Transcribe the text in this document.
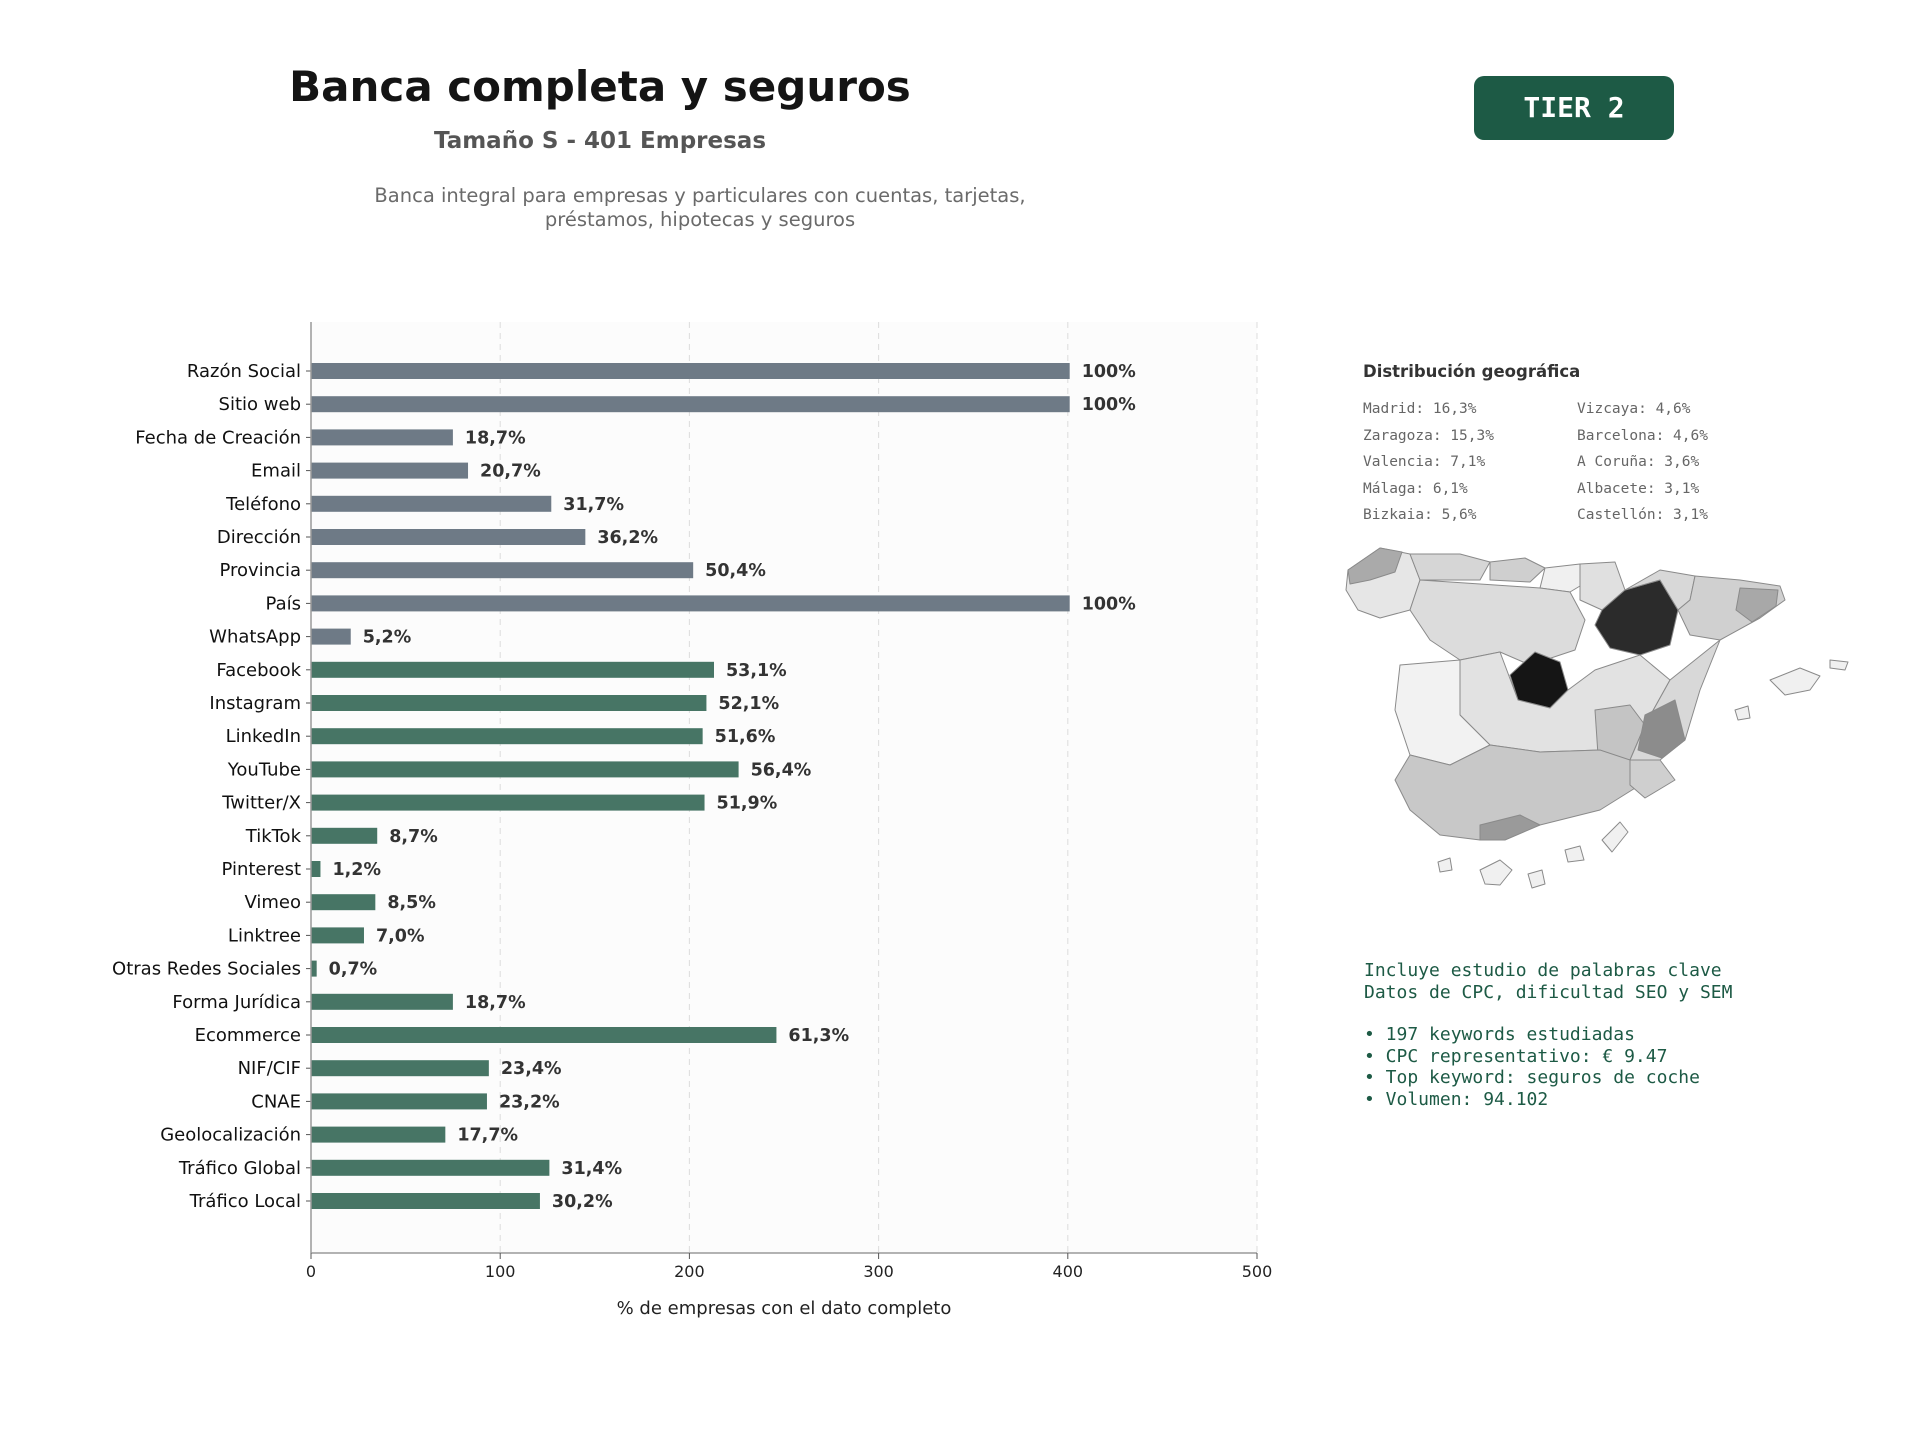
Banca completa y seguros
Tamaño S - 401 Empresas
Banca integral para empresas y particulares con cuentas, tarjetas,
préstamos, hipotecas y seguros
TIER 2
Razón Social	100%
Sitio web	100%
Fecha de Creación	18,7%
Email	20,7%
Teléfono	31,7%
Dirección	36,2%
Provincia	50,4%
País	100%
WhatsApp	5,2%
Facebook	53,1%
Instagram	52,1%
LinkedIn	51,6%
YouTube	56,4%
Twitter/X	51,9%
TikTok	8,7%
Pinterest 1,2%
Vimeo	8,5%
Linktree	7,0%
Otras Redes Sociales 0,7%
Forma Jurídica	18,7%
Ecommerce	61,3%
NIF/CIF	23,4%
CNAE	23,2%
Geolocalización	17,7%
Tráfico Global	31,4%
Tráfico Local	30,2%
0	100	200	300	400	500
% de empresas con el dato completo
Distribución geográfica
Madrid: 16,3%	Vizcaya: 4,6%
Zaragoza: 15,3%	Barcelona: 4,6%
Valencia: 7,1%	A Coruña: 3,6%
Málaga: 6,1%	Albacete: 3,1%
Bizkaia: 5,6%	Castellón: 3,1%
Incluye estudio de palabras clave
Datos de CPC, dificultad SEO y SEM
• 197 keywords estudiadas
• CPC representativo: € 9.47
• Top keyword: seguros de coche
• Volumen: 94.102
